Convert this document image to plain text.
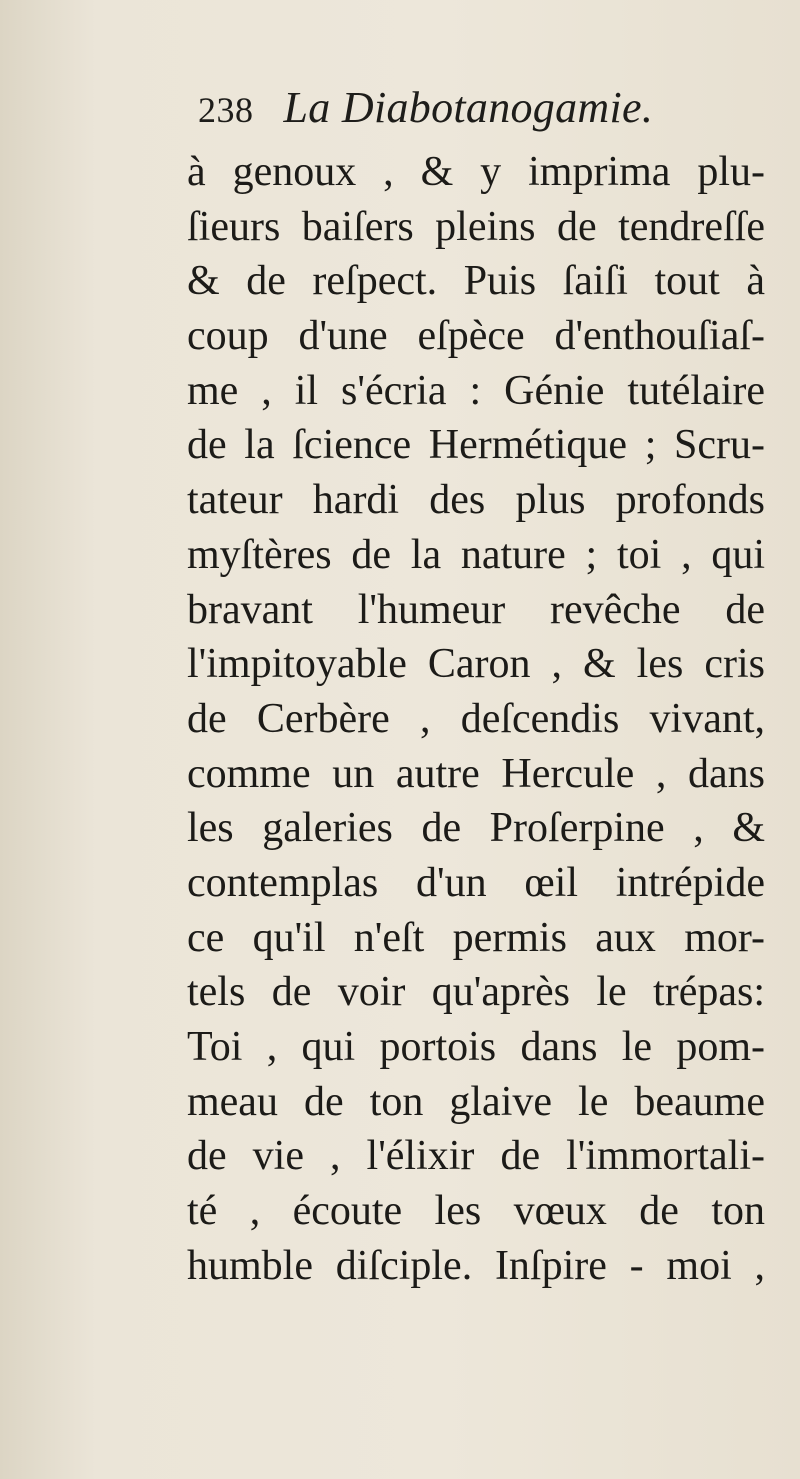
238 La Diabotanogamie.
à genoux , & y imprima plu-
ſieurs baiſers pleins de tendreſſe
& de reſpect. Puis ſaiſi tout à
coup d'une eſpèce d'enthouſiaſ-
me , il s'écria : Génie tutélaire
de la ſcience Hermétique ; Scru-
tateur hardi des plus profonds
myſtères de la nature ; toi , qui
bravant l'humeur revêche de
l'impitoyable Caron , & les cris
de Cerbère , deſcendis vivant,
comme un autre Hercule , dans
les galeries de Proſerpine , &
contemplas d'un œil intrépide
ce qu'il n'eſt permis aux mor-
tels de voir qu'après le trépas:
Toi , qui portois dans le pom-
meau de ton glaive le beaume
de vie , l'élixir de l'immortali-
té , écoute les vœux de ton
humble diſciple. Inſpire - moi ,
